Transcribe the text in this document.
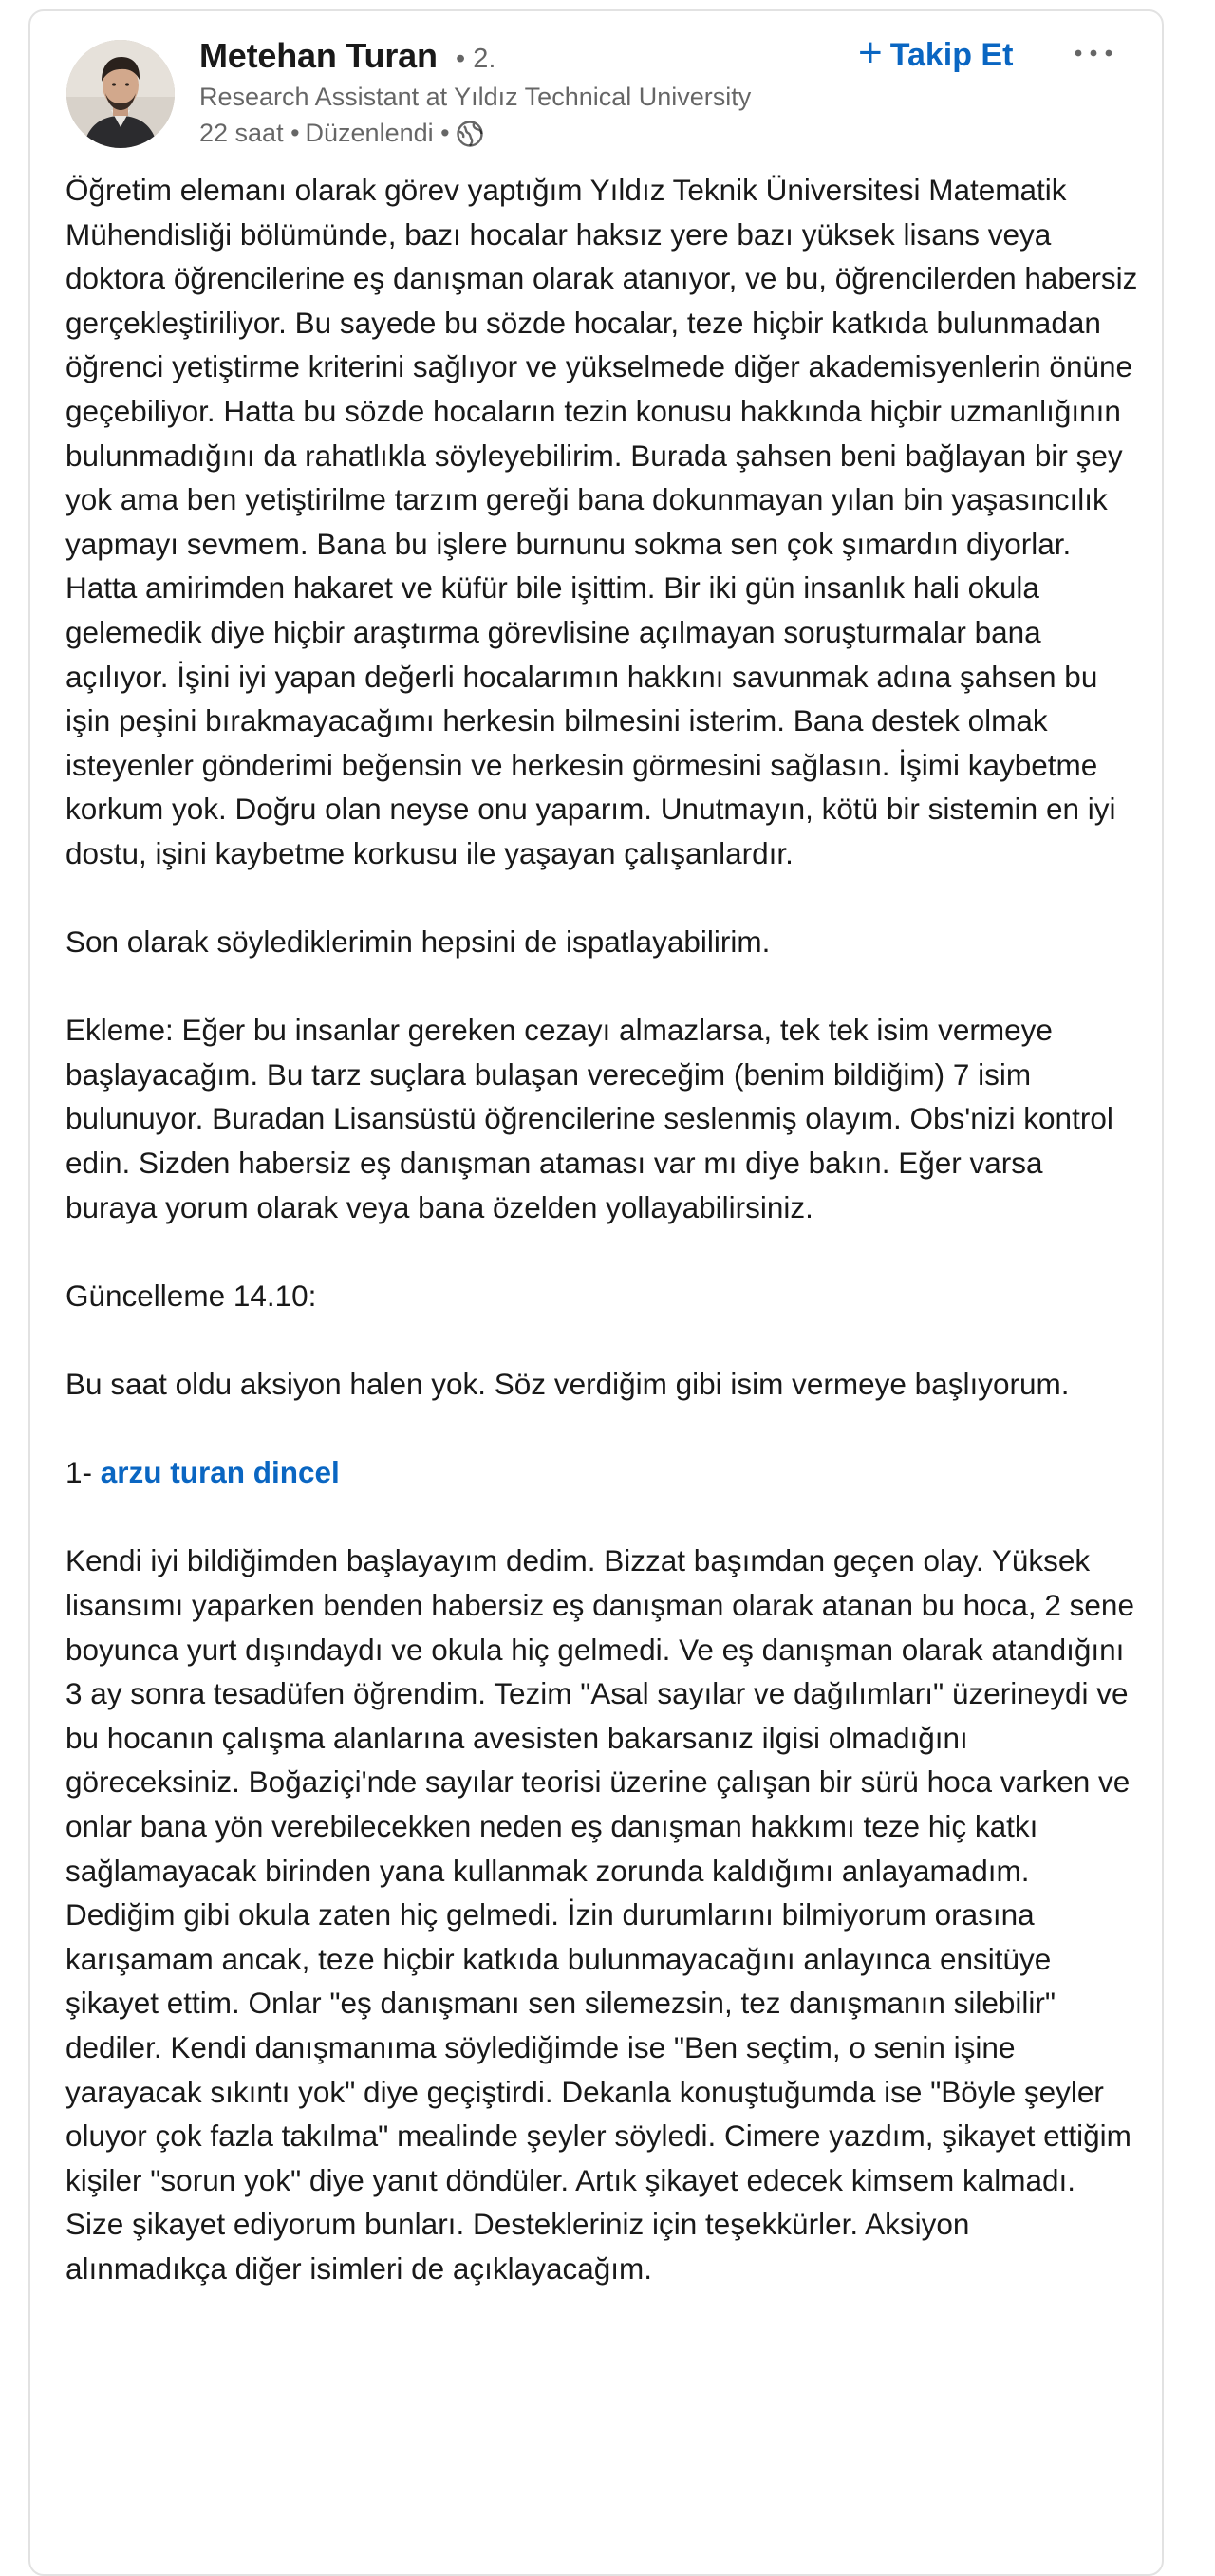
Metehan Turan • 2.
Research Assistant at Yıldız Technical University
22 saat • Düzenlendi •
+ Takip Et

Öğretim elemanı olarak görev yaptığım Yıldız Teknik Üniversitesi Matematik Mühendisliği bölümünde, bazı hocalar haksız yere bazı yüksek lisans veya doktora öğrencilerine eş danışman olarak atanıyor, ve bu, öğrencilerden habersiz gerçekleştiriliyor. Bu sayede bu sözde hocalar, teze hiçbir katkıda bulunmadan öğrenci yetiştirme kriterini sağlıyor ve yükselmede diğer akademisyenlerin önüne geçebiliyor. Hatta bu sözde hocaların tezin konusu hakkında hiçbir uzmanlığının bulunmadığını da rahatlıkla söyleyebilirim. Burada şahsen beni bağlayan bir şey yok ama ben yetiştirilme tarzım gereği bana dokunmayan yılan bin yaşasıncılık yapmayı sevmem. Bana bu işlere burnunu sokma sen çok şımardın diyorlar. Hatta amirimden hakaret ve küfür bile işittim. Bir iki gün insanlık hali okula gelemedik diye hiçbir araştırma görevlisine açılmayan soruşturmalar bana açılıyor. İşini iyi yapan değerli hocalarımın hakkını savunmak adına şahsen bu işin peşini bırakmayacağımı herkesin bilmesini isterim. Bana destek olmak isteyenler gönderimi beğensin ve herkesin görmesini sağlasın. İşimi kaybetme korkum yok. Doğru olan neyse onu yaparım. Unutmayın, kötü bir sistemin en iyi dostu, işini kaybetme korkusu ile yaşayan çalışanlardır.

Son olarak söylediklerimin hepsini de ispatlayabilirim.

Ekleme: Eğer bu insanlar gereken cezayı almazlarsa, tek tek isim vermeye başlayacağım. Bu tarz suçlara bulaşan vereceğim (benim bildiğim) 7 isim bulunuyor. Buradan Lisansüstü öğrencilerine seslenmiş olayım. Obs'nizi kontrol edin. Sizden habersiz eş danışman ataması var mı diye bakın. Eğer varsa buraya yorum olarak veya bana özelden yollayabilirsiniz.

Güncelleme 14.10:

Bu saat oldu aksiyon halen yok. Söz verdiğim gibi isim vermeye başlıyorum.

1- arzu turan dincel

Kendi iyi bildiğimden başlayayım dedim. Bizzat başımdan geçen olay. Yüksek lisansımı yaparken benden habersiz eş danışman olarak atanan bu hoca, 2 sene boyunca yurt dışındaydı ve okula hiç gelmedi. Ve eş danışman olarak atandığını 3 ay sonra tesadüfen öğrendim. Tezim "Asal sayılar ve dağılımları" üzerineydi ve bu hocanın çalışma alanlarına avesisten bakarsanız ilgisi olmadığını göreceksiniz. Boğaziçi'nde sayılar teorisi üzerine çalışan bir sürü hoca varken ve onlar bana yön verebilecekken neden eş danışman hakkımı teze hiç katkı sağlamayacak birinden yana kullanmak zorunda kaldığımı anlayamadım. Dediğim gibi okula zaten hiç gelmedi. İzin durumlarını bilmiyorum orasına karışamam ancak, teze hiçbir katkıda bulunmayacağını anlayınca ensitüye şikayet ettim. Onlar "eş danışmanı sen silemezsin, tez danışmanın silebilir" dediler. Kendi danışmanıma söylediğimde ise "Ben seçtim, o senin işine yarayacak sıkıntı yok" diye geçiştirdi. Dekanla konuştuğumda ise "Böyle şeyler oluyor çok fazla takılma" mealinde şeyler söyledi. Cimere yazdım, şikayet ettiğim kişiler "sorun yok" diye yanıt döndüler. Artık şikayet edecek kimsem kalmadı. Size şikayet ediyorum bunları. Destekleriniz için teşekkürler. Aksiyon alınmadıkça diğer isimleri de açıklayacağım.
